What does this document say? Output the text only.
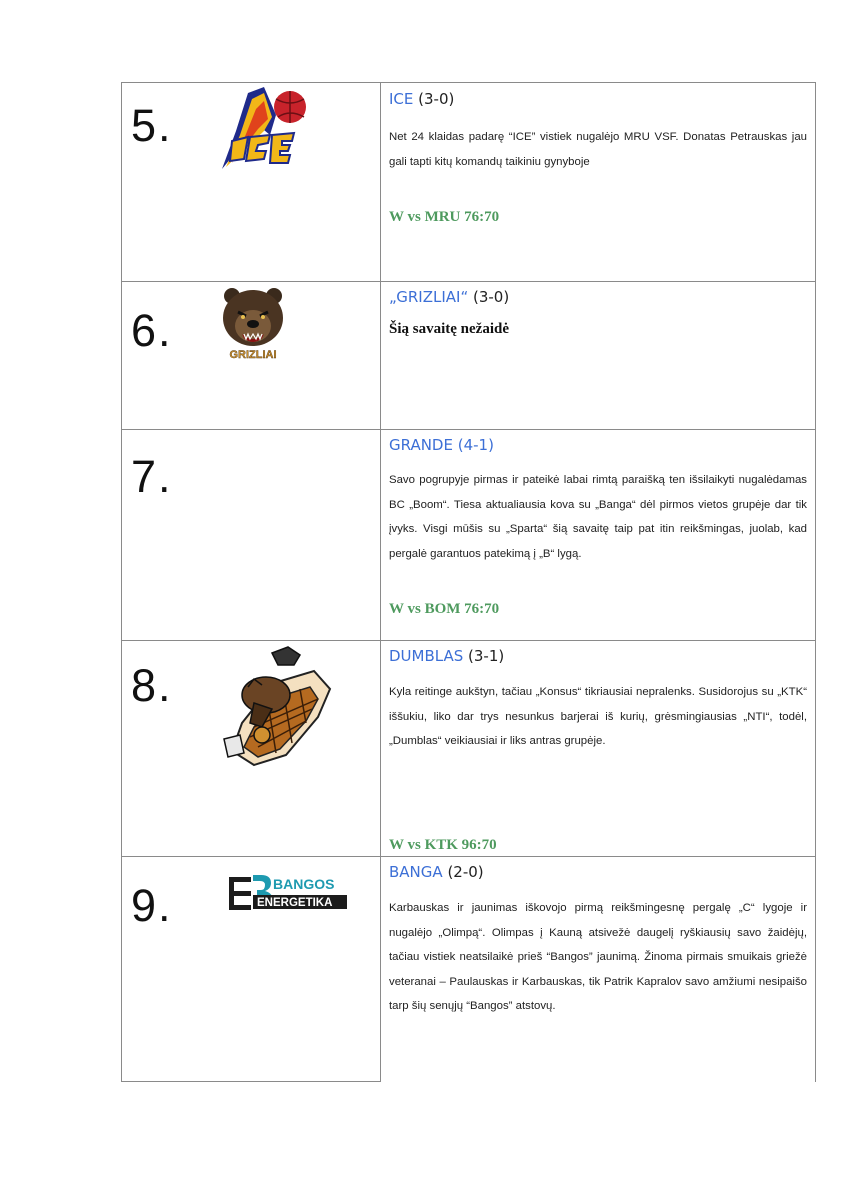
5.

ICE (3-0)

Net 24 klaidas padarę “ICE” vistiek nugalėjo MRU VSF. Donatas Petrauskas jau gali tapti kitų komandų taikiniu gynyboje

W vs MRU 76:70

6.	GRIZLIAI

„GRIZLIAI“ (3-0)

Šią savaitę nežaidė

7.

GRANDE (4-1)

Savo pogrupyje pirmas ir pateikė labai rimtą paraišką ten išsilaikyti nugalėdamas BC „Boom“. Tiesa aktualiausia kova su „Banga“ dėl pirmos vietos grupėje dar tik įvyks. Visgi mūšis su „Sparta“ šią savaitę taip pat itin reikšmingas, juolab, kad pergalė garantuos patekimą į „B“ lygą.

W vs BOM 76:70

8.

DUMBLAS (3-1)

Kyla reitinge aukštyn, tačiau „Konsus“ tikriausiai nepralenks. Susidorojus su „KTK“ iššukiu, liko dar trys nesunkus barjerai iš kurių, grėsmingiausias „NTI“, todėl, „Dumblas“ veikiausiai ir liks antras grupėje.

W vs KTK 96:70

9.	BANGOS
ENERGETIKA

BANGA (2-0)

Karbauskas ir jaunimas iškovojo pirmą reikšmingesnę pergalę „C“ lygoje ir nugalėjo „Olimpą“. Olimpas į Kauną atsivežė daugelį ryškiausių savo žaidėjų, tačiau vistiek neatsilaikė prieš “Bangos” jaunimą. Žinoma pirmais smuikais griežė veteranai – Paulauskas ir Karbauskas, tik Patrik Kapralov savo amžiumi nesipaišo tarp šių senųjų “Bangos” atstovų.
